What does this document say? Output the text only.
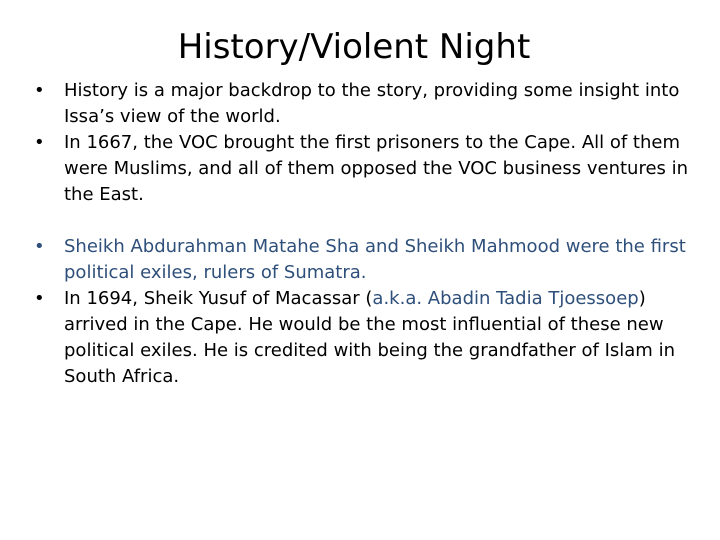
History/Violent Night
•	History is a major backdrop to the story, providing some insight into Issa’s view of the world.
•	In 1667, the VOC brought the first prisoners to the Cape. All of them were Muslims, and all of them opposed the VOC business ventures in the East.
•	Sheikh Abdurahman Matahe Sha and Sheikh Mahmood were the first political exiles, rulers of Sumatra.
•	In 1694, Sheik Yusuf of Macassar (a.k.a. Abadin Tadia Tjoessoep) arrived in the Cape. He would be the most influential of these new political exiles. He is credited with being the grandfather of Islam in South Africa.
